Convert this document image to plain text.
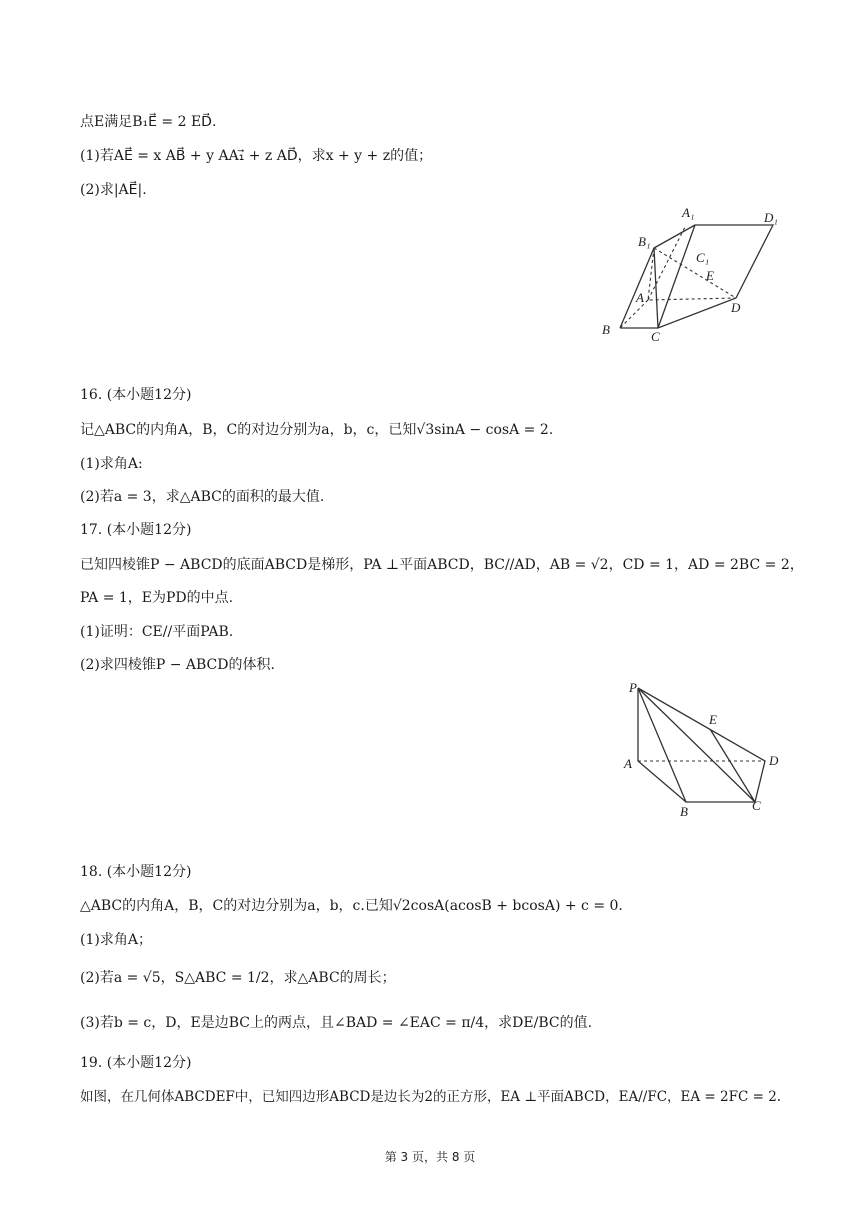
点E满足B₁E⃗ = 2 ED⃗.
(1)若AE⃗ = x AB⃗ + y AA₁⃗ + z AD⃗，求x + y + z的值；
(2)求|AE⃗|.
A₁	D₁
B₁
C₁
E
A
D
B	C
16. (本小题12分)
记△ABC的内角A，B，C的对边分别为a，b，c，已知√3sinA − cosA = 2.
(1)求角A:
(2)若a = 3，求△ABC的面积的最大值.
17. (本小题12分)
已知四棱锥P − ABCD的底面ABCD是梯形，PA ⊥平面ABCD，BC//AD，AB = √2，CD = 1，AD = 2BC = 2，
PA = 1，E为PD的中点.
(1)证明：CE//平面PAB.
(2)求四棱锥P − ABCD的体积.
P
E
A	D
B	C
18. (本小题12分)
△ABC的内角A，B，C的对边分别为a，b，c.已知√2cosA(acosB + bcosA) + c = 0.
(1)求角A；
(2)若a = √5，S△ABC = 1/2，求△ABC的周长；
(3)若b = c，D，E是边BC上的两点，且∠BAD = ∠EAC = π/4，求DE/BC的值.
19. (本小题12分)
如图，在几何体ABCDEF中，已知四边形ABCD是边长为2的正方形，EA ⊥平面ABCD，EA//FC，EA = 2FC = 2.
第 3 页，共 8 页
